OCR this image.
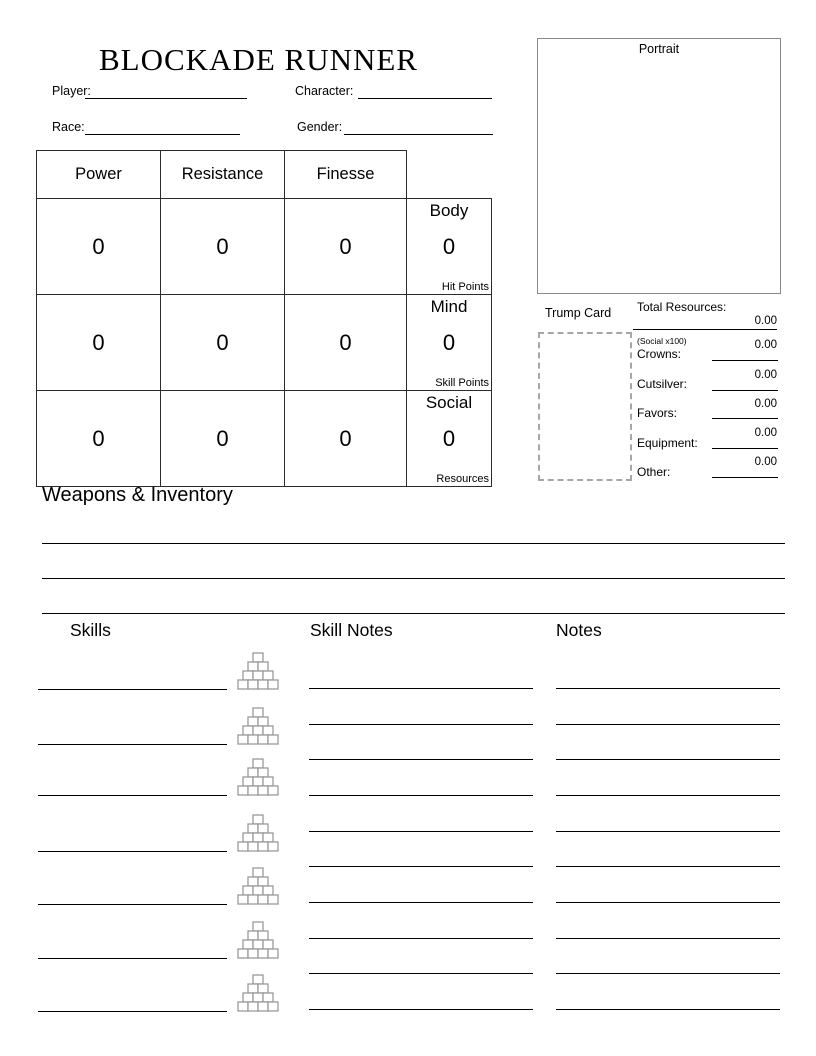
BLOCKADE RUNNER
Player:	Character:
Race:	Gender:
Power	Resistance	Finesse	
0	0	0	Body
0
Hit Points

0	0	0	Mind
0
Skill Points

0	0	0	Social
0
Resources
Portrait
Trump Card Total Resources:
0.00
(Social x100)
Crowns:
0.00
Cutsilver:
0.00
Favors:
0.00
Equipment:
0.00
Other:
0.00
Weapons & Inventory
Skills	Skill Notes	Notes
